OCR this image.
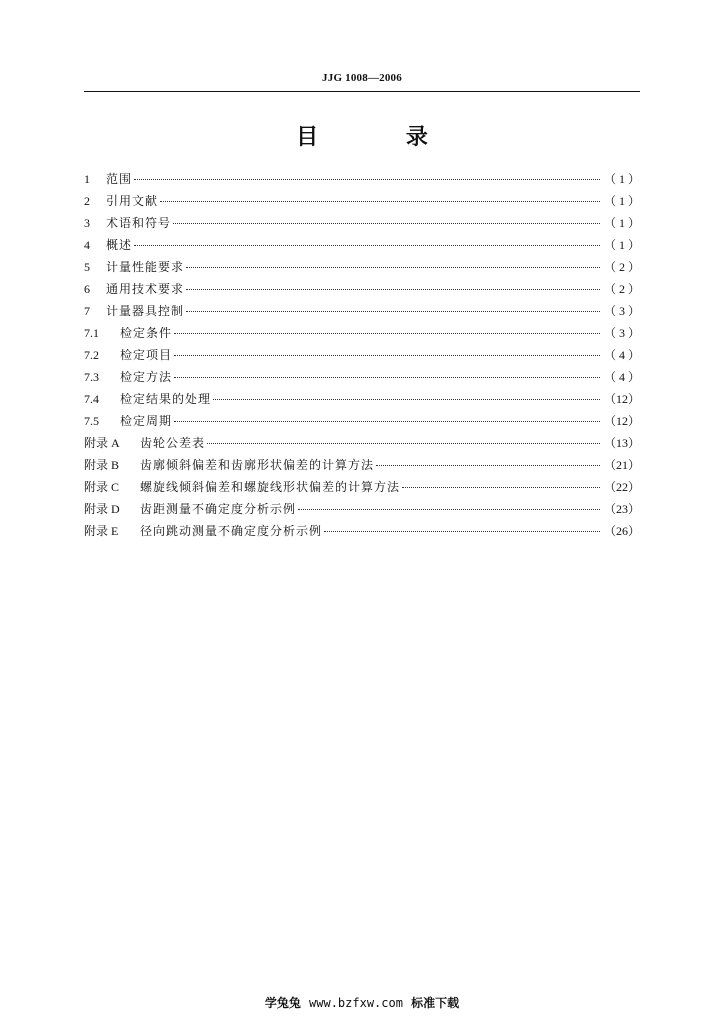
JJG 1008—2006
目 录
1	范围	（ 1 ）
2	引用文献	（ 1 ）
3	术语和符号	（ 1 ）
4	概述	（ 1 ）
5	计量性能要求	（ 2 ）
6	通用技术要求	（ 2 ）
7	计量器具控制	（ 3 ）
7.1	检定条件	（ 3 ）
7.2	检定项目	（ 4 ）
7.3	检定方法	（ 4 ）
7.4	检定结果的处理	（12）
7.5	检定周期	（12）
附录 A	齿轮公差表	（13）
附录 B	齿廓倾斜偏差和齿廓形状偏差的计算方法	（21）
附录 C	螺旋线倾斜偏差和螺旋线形状偏差的计算方法	（22）
附录 D	齿距测量不确定度分析示例	（23）
附录 E	径向跳动测量不确定度分析示例	（26）
学兔兔 www.bzfxw.com 标准下载
